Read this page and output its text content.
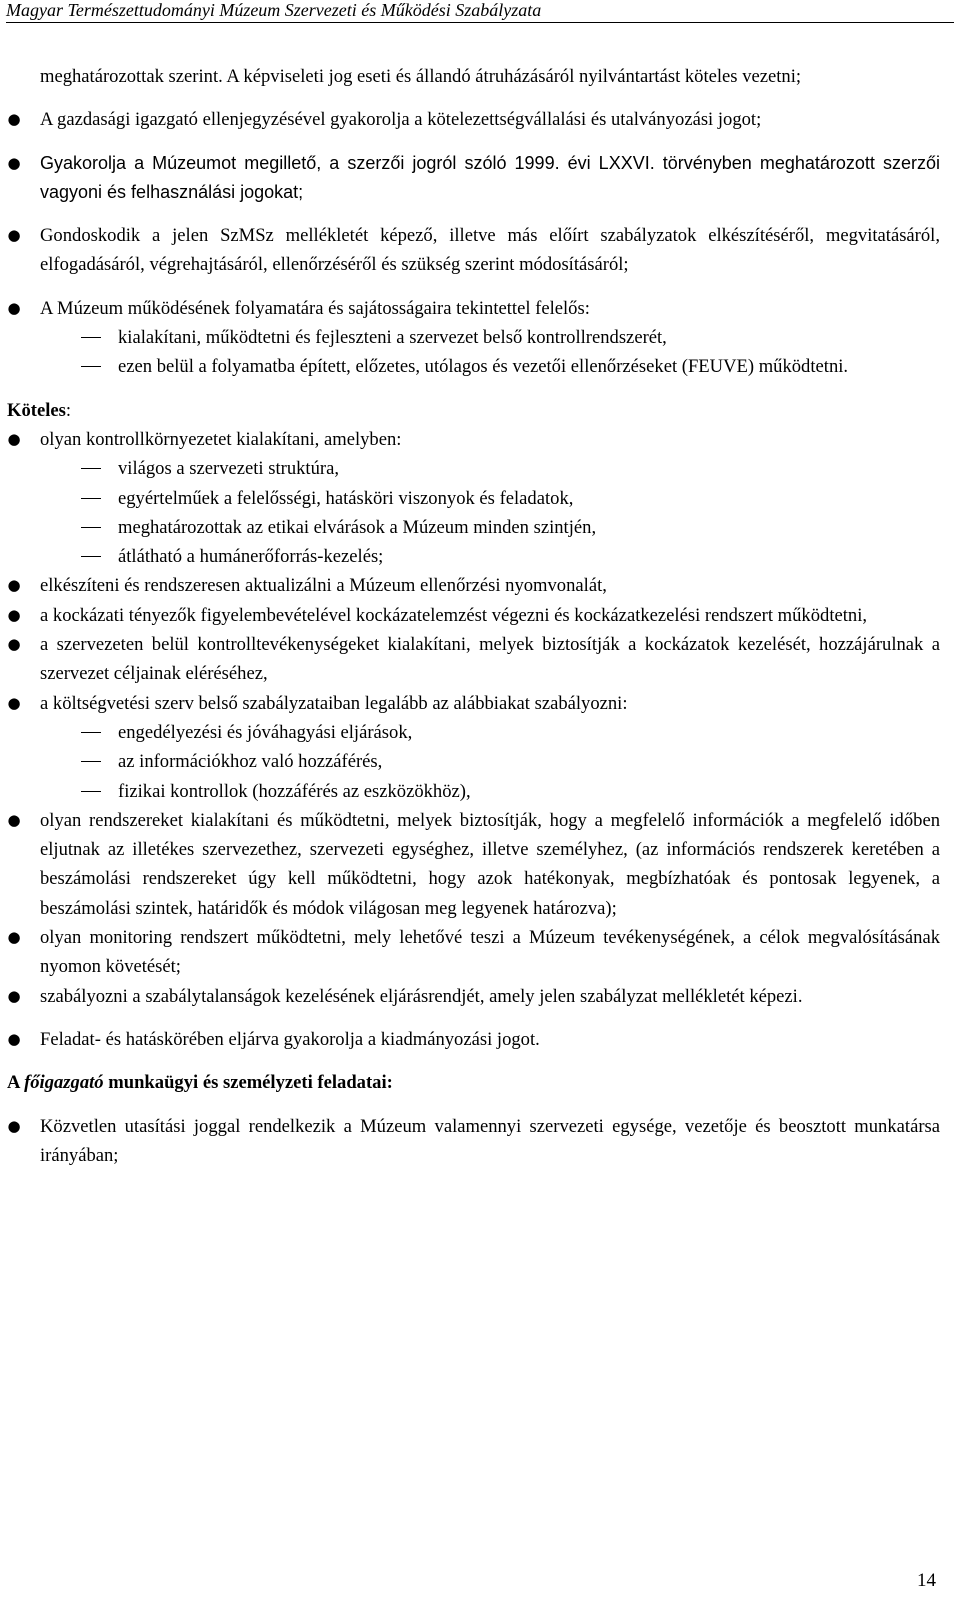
Magyar Természettudományi Múzeum Szervezeti és Működési Szabályzata

meghatározottak szerint. A képviseleti jog eseti és állandó átruházásáról nyilvántartást köteles vezetni;

● A gazdasági igazgató ellenjegyzésével gyakorolja a kötelezettségvállalási és utalványozási jogot;
● Gyakorolja a Múzeumot megillető, a szerzői jogról szóló 1999. évi LXXVI. törvényben meghatározott szerzői vagyoni és felhasználási jogokat;
● Gondoskodik a jelen SzMSz mellékletét képező, illetve más előírt szabályzatok elkészítéséről, megvitatásáról, elfogadásáról, végrehajtásáról, ellenőrzéséről és szükség szerint módosításáról;
● A Múzeum működésének folyamatára és sajátosságaira tekintettel felelős:
kialakítani, működtetni és fejleszteni a szervezet belső kontrollrendszerét,
ezen belül a folyamatba épített, előzetes, utólagos és vezetői ellenőrzéseket (FEUVE) működtetni.
Köteles:
● olyan kontrollkörnyezetet kialakítani, amelyben:
világos a szervezeti struktúra,
egyértelműek a felelősségi, hatásköri viszonyok és feladatok,
meghatározottak az etikai elvárások a Múzeum minden szintjén,
átlátható a humánerőforrás-kezelés;
● elkészíteni és rendszeresen aktualizálni a Múzeum ellenőrzési nyomvonalát,
● a kockázati tényezők figyelembevételével kockázatelemzést végezni és kockázatkezelési rendszert működtetni,
● a szervezeten belül kontrolltevékenységeket kialakítani, melyek biztosítják a kockázatok kezelését, hozzájárulnak a szervezet céljainak eléréséhez,
● a költségvetési szerv belső szabályzataiban legalább az alábbiakat szabályozni:
engedélyezési és jóváhagyási eljárások,
az információkhoz való hozzáférés,
fizikai kontrollok (hozzáférés az eszközökhöz),
● olyan rendszereket kialakítani és működtetni, melyek biztosítják, hogy a megfelelő információk a megfelelő időben eljutnak az illetékes szervezethez, szervezeti egységhez, illetve személyhez, (az információs rendszerek keretében a beszámolási rendszereket úgy kell működtetni, hogy azok hatékonyak, megbízhatóak és pontosak legyenek, a beszámolási szintek, határidők és módok világosan meg legyenek határozva);
● olyan monitoring rendszert működtetni, mely lehetővé teszi a Múzeum tevékenységének, a célok megvalósításának nyomon követését;
● szabályozni a szabálytalanságok kezelésének eljárásrendjét, amely jelen szabályzat mellékletét képezi.
● Feladat- és hatáskörében eljárva gyakorolja a kiadmányozási jogot.
A főigazgató munkaügyi és személyzeti feladatai:
● Közvetlen utasítási joggal rendelkezik a Múzeum valamennyi szervezeti egysége, vezetője és beosztott munkatársa irányában;
14
